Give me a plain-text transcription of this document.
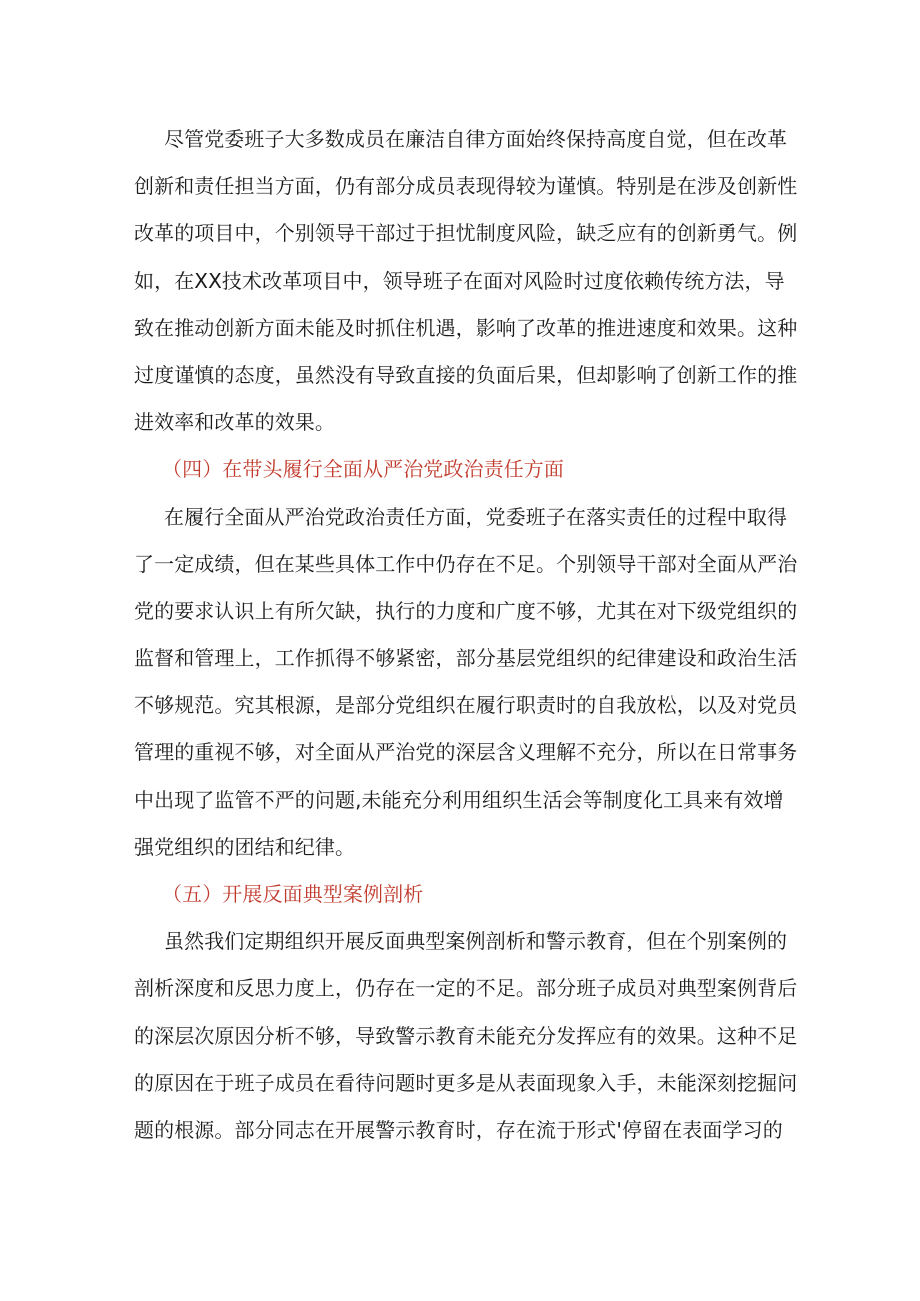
尽管党委班子大多数成员在廉洁自律方面始终保持高度自觉，但在改革
创新和责任担当方面，仍有部分成员表现得较为谨慎。特别是在涉及创新性
改革的项目中，个别领导干部过于担忧制度风险，缺乏应有的创新勇气。例
如，在XX技术改革项目中，领导班子在面对风险时过度依赖传统方法，导
致在推动创新方面未能及时抓住机遇，影响了改革的推进速度和效果。这种
过度谨慎的态度，虽然没有导致直接的负面后果，但却影响了创新工作的推
进效率和改革的效果。
（四）在带头履行全面从严治党政治责任方面
在履行全面从严治党政治责任方面，党委班子在落实责任的过程中取得
了一定成绩，但在某些具体工作中仍存在不足。个别领导干部对全面从严治
党的要求认识上有所欠缺，执行的力度和广度不够，尤其在对下级党组织的
监督和管理上，工作抓得不够紧密，部分基层党组织的纪律建设和政治生活
不够规范。究其根源，是部分党组织在履行职责时的自我放松，以及对党员
管理的重视不够，对全面从严治党的深层含义理解不充分，所以在日常事务
中出现了监管不严的问题,未能充分利用组织生活会等制度化工具来有效增
强党组织的团结和纪律。
（五）开展反面典型案例剖析
虽然我们定期组织开展反面典型案例剖析和警示教育，但在个别案例的
剖析深度和反思力度上，仍存在一定的不足。部分班子成员对典型案例背后
的深层次原因分析不够，导致警示教育未能充分发挥应有的效果。这种不足
的原因在于班子成员在看待问题时更多是从表面现象入手，未能深刻挖掘问
题的根源。部分同志在开展警示教育时，存在流于形式'停留在表面学习的
